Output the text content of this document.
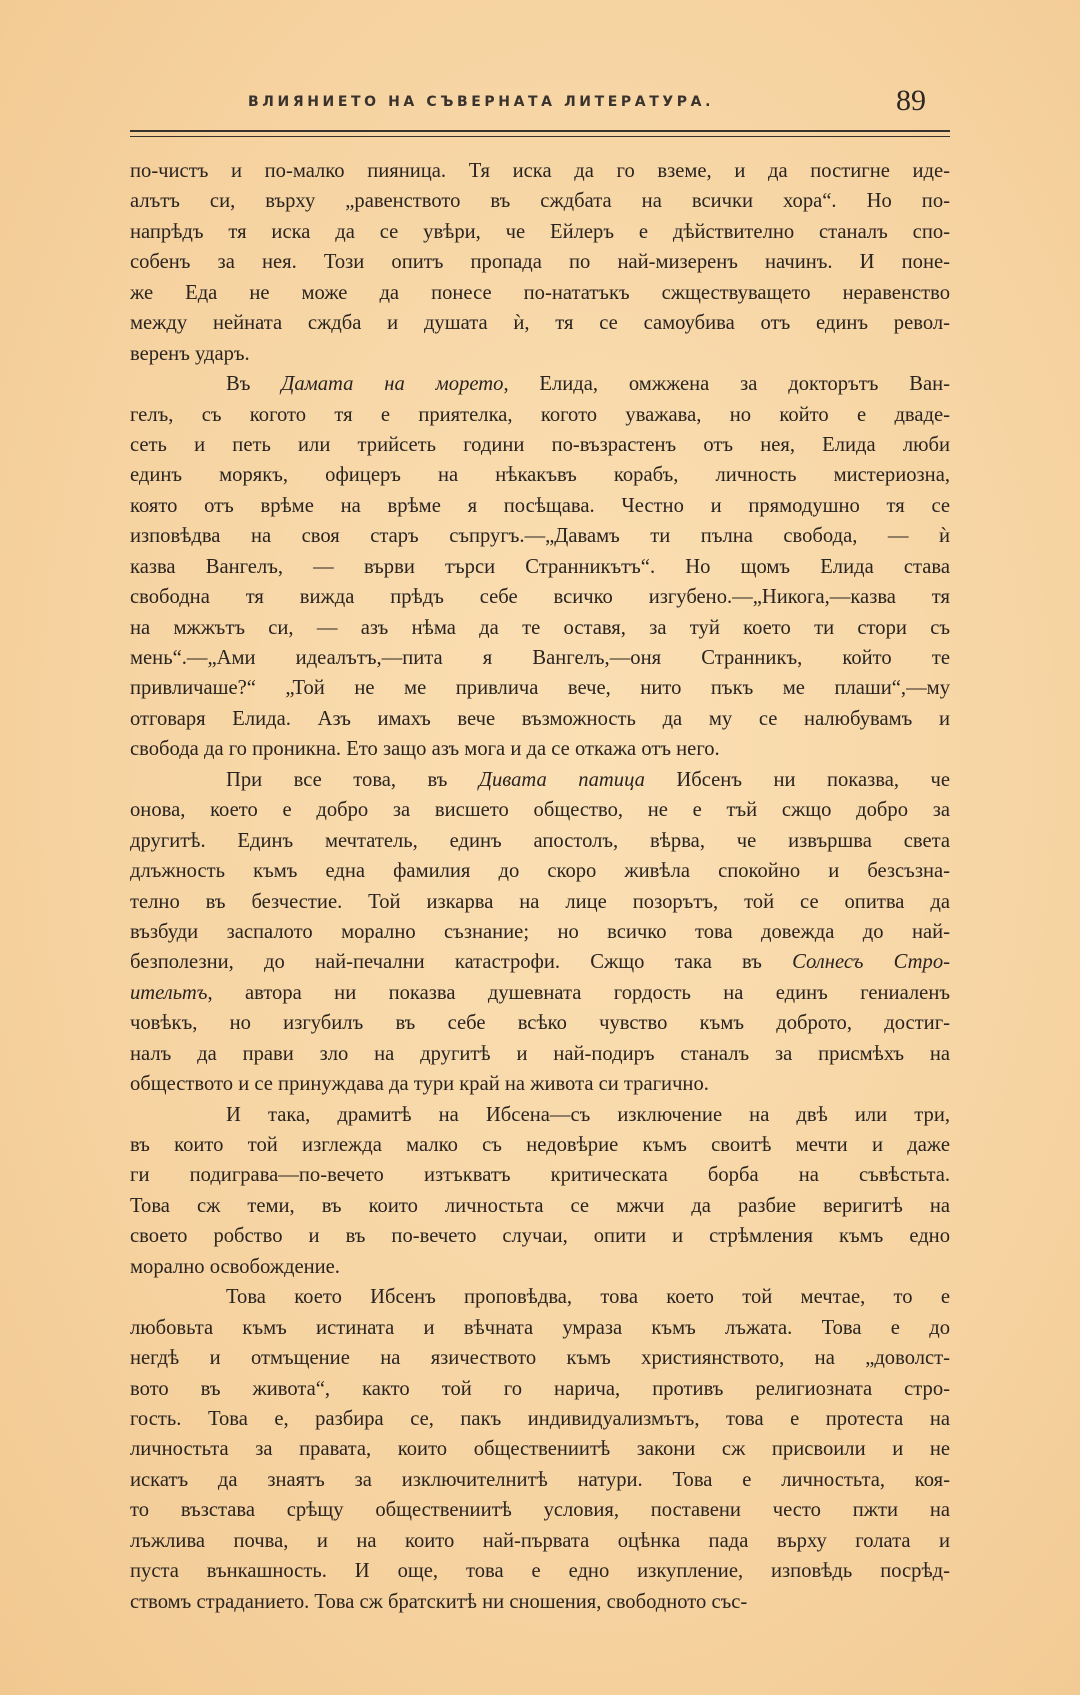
ВЛИЯНИЕТО НА СЪВЕРНАТА ЛИТЕРАТУРА.	89
по-чистъ и по-малко пияница. Тя иска да го вземе, и да постигне иде-
алътъ си, върху „равенството въ сждбата на всички хора“. Но по-
напрѣдъ тя иска да се увѣри, че Ейлеръ е дѣйствително станалъ спо-
собенъ за нея. Този опитъ пропада по най-мизеренъ начинъ. И поне-
же Еда не може да понесе по-нататъкъ сжществуващето неравенство
между нейната сждба и душата ѝ, тя се самоубива отъ единъ револ-
веренъ ударъ.
Въ Дамата на морето, Елида, омжжена за докторътъ Ван-
гелъ, съ когото тя е приятелка, когото уважава, но който е дваде-
сеть и петь или трийсеть години по-възрастенъ отъ нея, Елида люби
единъ морякъ, офицеръ на нѣкакъвъ корабъ, личность мистериозна,
която отъ врѣме на врѣме я посѣщава. Честно и прямодушно тя се
изповѣдва на своя старъ съпругъ.—„Давамъ ти пълна свобода, — ѝ
казва Вангелъ, — върви търси Странникътъ“. Но щомъ Елида става
свободна тя вижда прѣдъ себе всичко изгубено.—„Никога,—казва тя
на мжжътъ си, — азъ нѣма да те оставя, за туй което ти стори съ
мень“.—„Ами идеалътъ,—пита я Вангелъ,—оня Странникъ, който те
привличаше?“ „Той не ме привлича вече, нито пъкъ ме плаши“,—му
отговаря Елида. Азъ имахъ вече възможность да му се налюбувамъ и
свобода да го проникна. Ето защо азъ мога и да се откажа отъ него.
При все това, въ Дивата патица Ибсенъ ни показва, че
онова, което е добро за висшето общество, не е тъй сжщо добро за
другитѣ. Единъ мечтатель, единъ апостолъ, вѣрва, че извършва света
длъжность къмъ една фамилия до скоро живѣла спокойно и безсъзна-
телно въ безчестие. Той изкарва на лице позорътъ, той се опитва да
възбуди заспалото морално съзнание; но всичко това довежда до най-
безполезни, до най-печални катастрофи. Сжщо така въ Солнесъ Стро-
ительтъ, автора ни показва душевната гордость на единъ гениаленъ
човѣкъ, но изгубилъ въ себе всѣко чувство къмъ доброто, достиг-
налъ да прави зло на другитѣ и най-подиръ станалъ за присмѣхъ на
обществото и се принуждава да тури край на живота си трагично.
И така, драмитѣ на Ибсена—съ изключение на двѣ или три,
въ които той изглежда малко съ недовѣрие къмъ своитѣ мечти и даже
ги подиграва—по-вечето изтъкватъ критическата борба на съвѣстьта.
Това сж теми, въ които личностьта се мжчи да разбие веригитѣ на
своето робство и въ по-вечето случаи, опити и стрѣмления къмъ едно
морално освобождение.
Това което Ибсенъ проповѣдва, това което той мечтае, то е
любовьта къмъ истината и вѣчната умраза къмъ лъжата. Това е до
негдѣ и отмъщение на язичеството къмъ християнството, на „доволст-
вото въ живота“, както той го нарича, противъ религиозната стро-
гость. Това е, разбира се, пакъ индивидуализмътъ, това е протеста на
личностьта за правата, които обществениитѣ закони сж присвоили и не
искатъ да знаятъ за изключителнитѣ натури. Това е личностьта, коя-
то възстава срѣщу обществениитѣ условия, поставени често пжти на
лъжлива почва, и на които най-първата оцѣнка пада върху голата и
пуста вънкашность. И още, това е едно изкупление, изповѣдь посрѣд-
ствомъ страданието. Това сж братскитѣ ни сношения, свободното със-
